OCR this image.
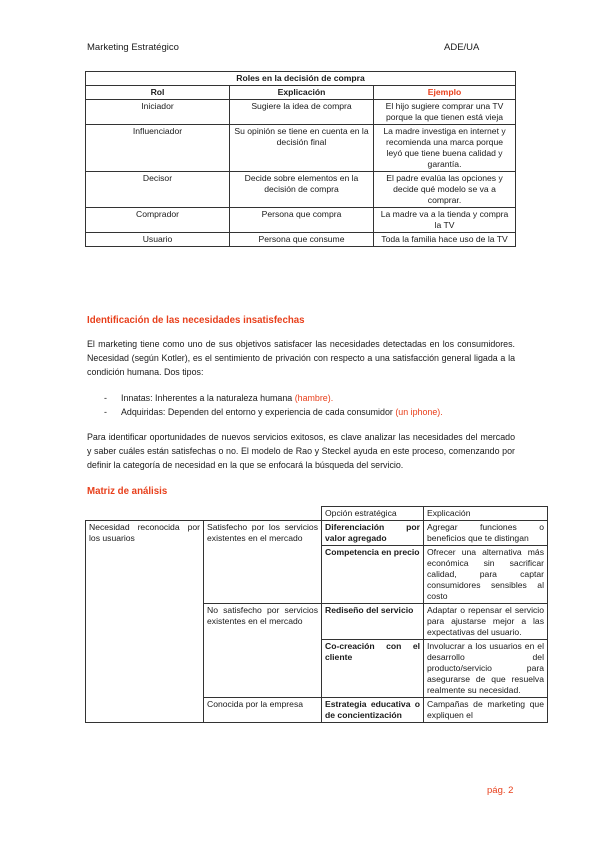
Marketing Estratégico	ADE/UA
Roles en la decisión de compra		
Rol	Explicación	Ejemplo
Iniciador	Sugiere la idea de compra	El hijo sugiere comprar una TV porque la que tienen está vieja
Influenciador	Su opinión se tiene en cuenta en la decisión final	La madre investiga en internet y recomienda una marca porque leyó que tiene buena calidad y garantía.
Decisor	Decide sobre elementos en la decisión de compra	El padre evalúa las opciones y decide qué modelo se va a comprar.
Comprador	Persona que compra	La madre va a la tienda y compra la TV
Usuario	Persona que consume	Toda la familia hace uso de la TV
Identificación de las necesidades insatisfechas

El marketing tiene como uno de sus objetivos satisfacer las necesidades detectadas en los consumidores. Necesidad (según Kotler), es el sentimiento de privación con respecto a una satisfacción general ligada a la condición humana. Dos tipos:

- Innatas: Inherentes a la naturaleza humana (hambre).
- Adquiridas: Dependen del entorno y experiencia de cada consumidor (un iphone).

Para identificar oportunidades de nuevos servicios exitosos, es clave analizar las necesidades del mercado y saber cuáles están satisfechas o no. El modelo de Rao y Steckel ayuda en este proceso, comenzando por definir la categoría de necesidad en la que se enfocará la búsqueda del servicio.

Matriz de análisis
		Opción estratégica	Explicación
Necesidad reconocida por los usuarios	Satisfecho por los servicios existentes en el mercado	Diferenciación por valor agregado	Agregar funciones o beneficios que te distingan
		Competencia en precio	Ofrecer una alternativa más económica sin sacrificar calidad, para captar consumidores sensibles al costo
	No satisfecho por servicios existentes en el mercado	Rediseño del servicio	Adaptar o repensar el servicio para ajustarse mejor a las expectativas del usuario.
		Co-creación con el cliente	Involucrar a los usuarios en el desarrollo del producto/servicio para asegurarse de que resuelva realmente su necesidad.
	Conocida por la empresa	Estrategia educativa o de concientización	Campañas de marketing que expliquen el
pág. 2
